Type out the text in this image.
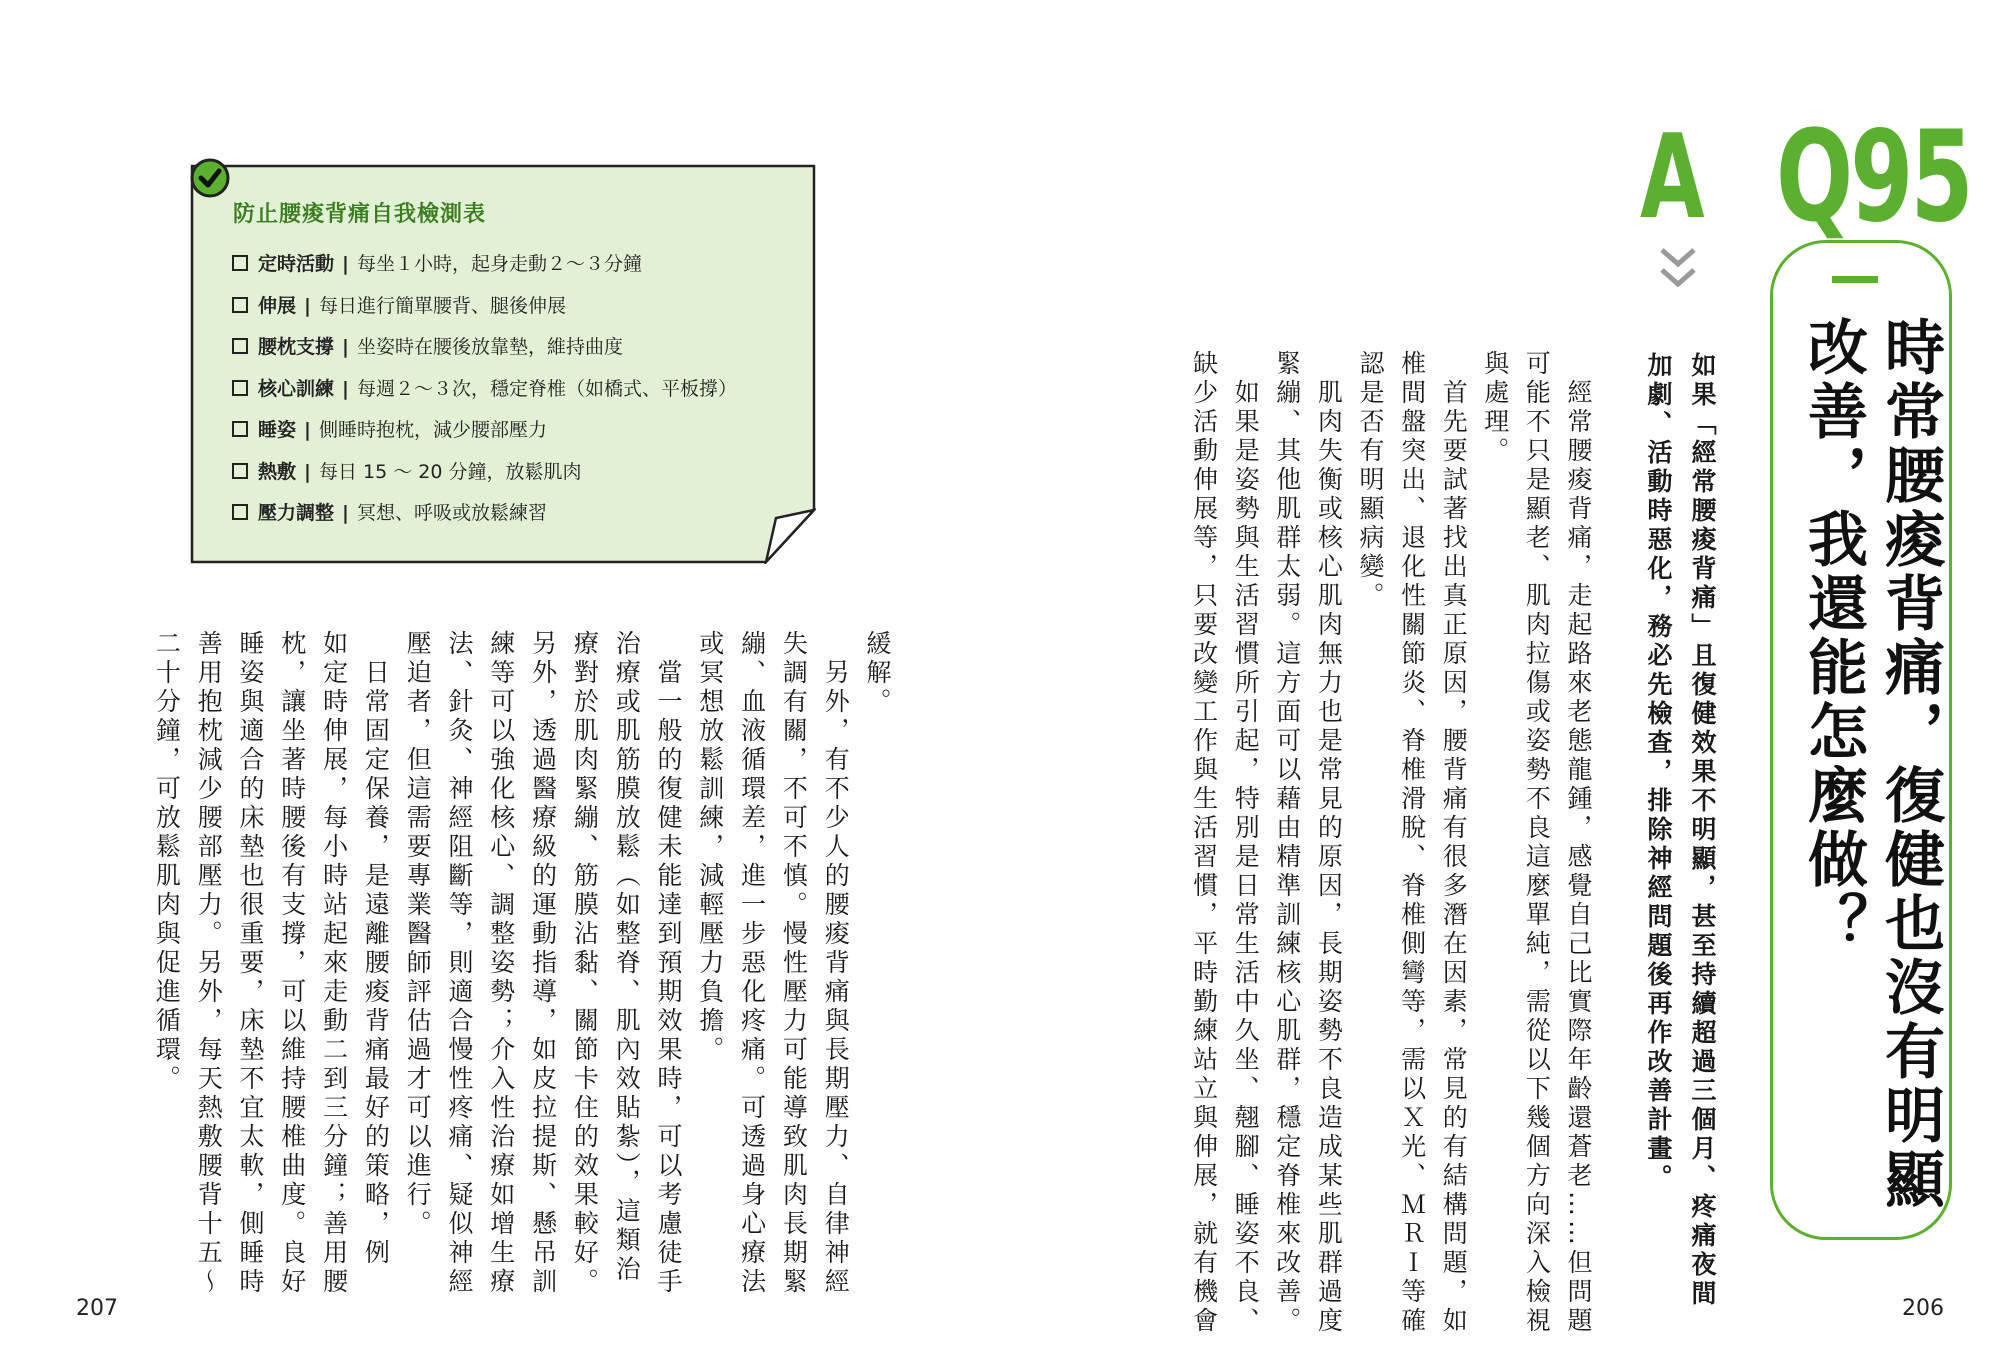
防止腰痠背痛自我檢測表
定時活動 | 每坐１小時，起身走動２～３分鐘
伸展 | 每日進行簡單腰背、腿後伸展
腰枕支撐 | 坐姿時在腰後放靠墊，維持曲度
核心訓練 | 每週２～３次，穩定脊椎（如橋式、平板撐）
睡姿 | 側睡時抱枕，減少腰部壓力
熱敷 | 每日 15 ～ 20 分鐘，放鬆肌肉
壓力調整 | 冥想、呼吸或放鬆練習
緩解。
　另外，有不少人的腰痠背痛與長期壓力、自律神經
失調有關，不可不慎。慢性壓力可能導致肌肉長期緊
繃、血液循環差，進一步惡化疼痛。可透過身心療法
或冥想放鬆訓練，減輕壓力負擔。
　當一般的復健未能達到預期效果時，可以考慮徒手
治療或肌筋膜放鬆（如整脊、肌內效貼紮），這類治
療對於肌肉緊繃、筋膜沾黏、關節卡住的效果較好。
另外，透過醫療級的運動指導，如皮拉提斯、懸吊訓
練等可以強化核心、調整姿勢；介入性治療如增生療
法、針灸、神經阻斷等，則適合慢性疼痛、疑似神經
壓迫者，但這需要專業醫師評估過才可以進行。
　日常固定保養，是遠離腰痠背痛最好的策略，例
如定時伸展，每小時站起來走動二到三分鐘；善用腰
枕，讓坐著時腰後有支撐，可以維持腰椎曲度。良好
睡姿與適合的床墊也很重要，床墊不宜太軟，側睡時
善用抱枕減少腰部壓力。另外，每天熱敷腰背十五～
二十分鐘，可放鬆肌肉與促進循環。
207
A Q95
時常腰痠背痛，復健也沒有明顯
改善，我還能怎麼做？
如果「經常腰痠背痛」且復健效果不明顯，甚至持續超過三個月、疼痛夜間
加劇、活動時惡化，務必先檢查，排除神經問題後再作改善計畫。
　經常腰痠背痛，走起路來老態龍鍾，感覺自己比實際年齡還蒼老……但問題
可能不只是顯老、肌肉拉傷或姿勢不良這麼單純，需從以下幾個方向深入檢視
與處理。
　首先要試著找出真正原因，腰背痛有很多潛在因素，常見的有結構問題，如
椎間盤突出、退化性關節炎、脊椎滑脫、脊椎側彎等，需以Ｘ光、ＭＲＩ等確
認是否有明顯病變。
　肌肉失衡或核心肌肉無力也是常見的原因，長期姿勢不良造成某些肌群過度
緊繃、其他肌群太弱。這方面可以藉由精準訓練核心肌群，穩定脊椎來改善。
　如果是姿勢與生活習慣所引起，特別是日常生活中久坐、翹腳、睡姿不良、
缺少活動伸展等，只要改變工作與生活習慣，平時勤練站立與伸展，就有機會	206
